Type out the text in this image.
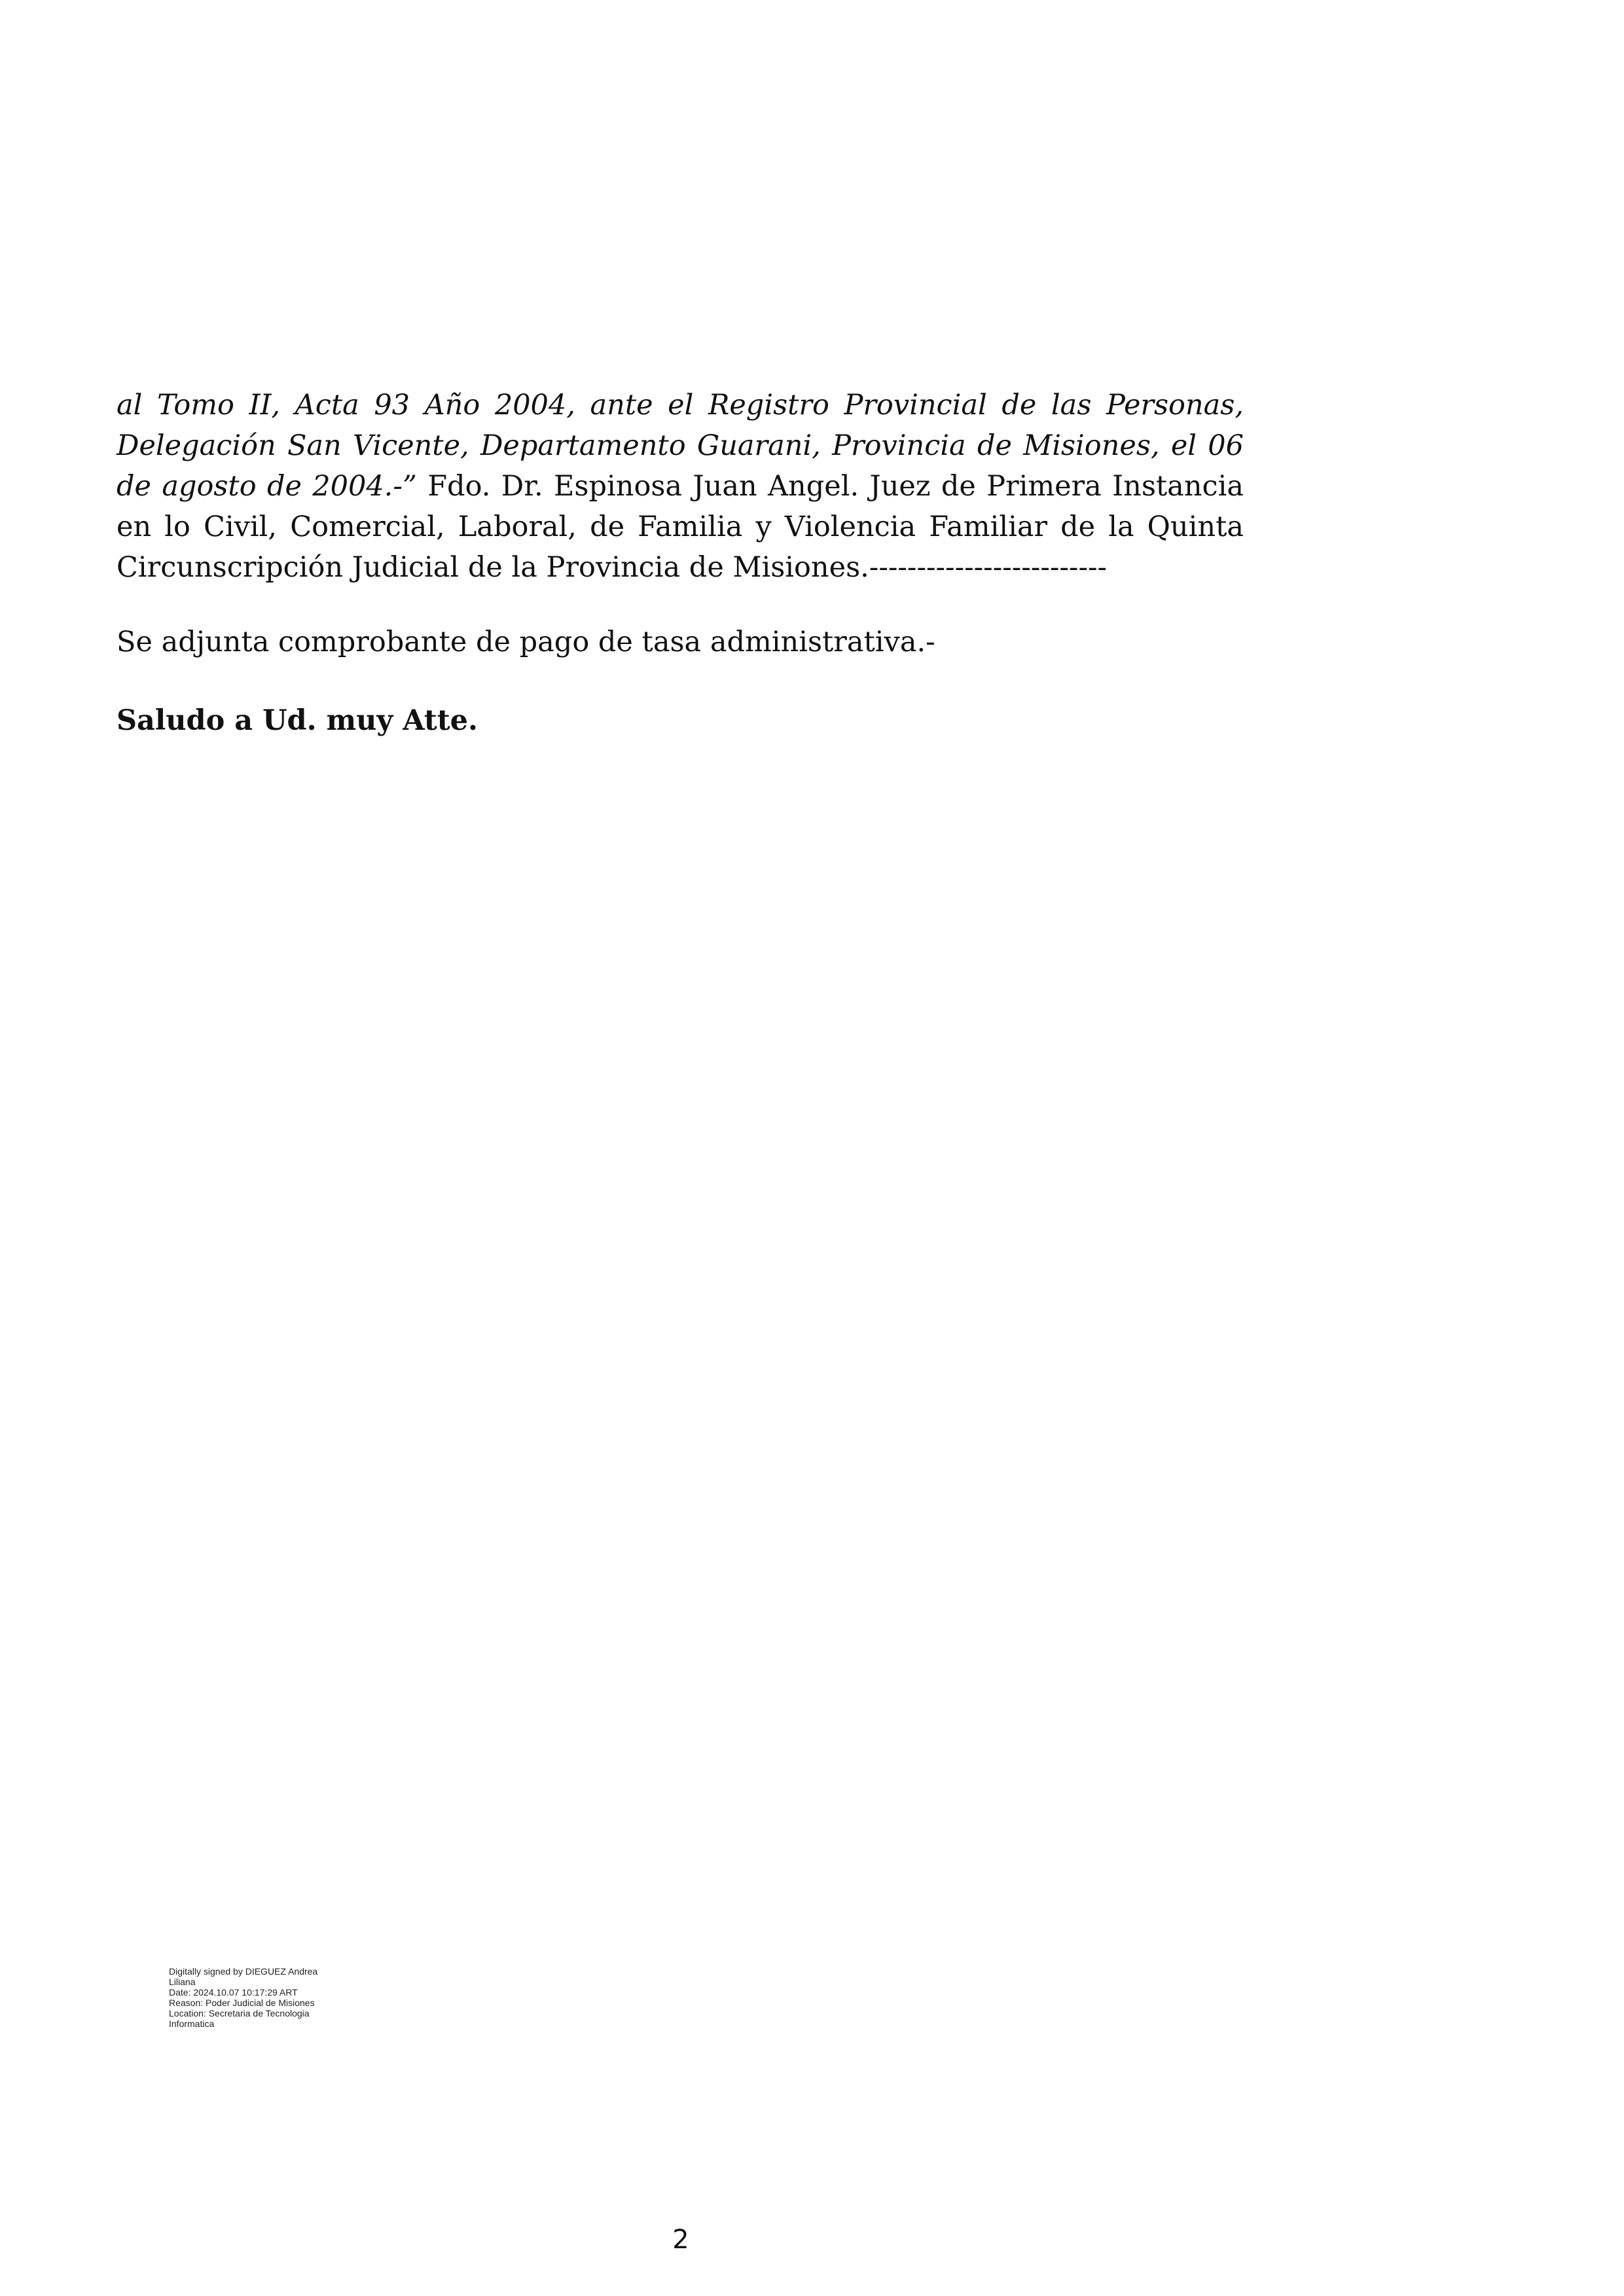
al Tomo II, Acta 93 Año 2004, ante el Registro Provincial de las Personas, Delegación San Vicente, Departamento Guarani, Provincia de Misiones, el 06 de agosto de 2004.-” Fdo. Dr. Espinosa Juan Angel. Juez de Primera Instancia en lo Civil, Comercial, Laboral, de Familia y Violencia Familiar de la Quinta Circunscripción Judicial de la Provincia de Misiones.-------------------------

Se adjunta comprobante de pago de tasa administrativa.-

Saludo a Ud. muy Atte.

Digitally signed by DIEGUEZ Andrea
Liliana
Date: 2024.10.07 10:17:29 ART
Reason: Poder Judicial de Misiones
Location: Secretaria de Tecnologia
Informatica
2
